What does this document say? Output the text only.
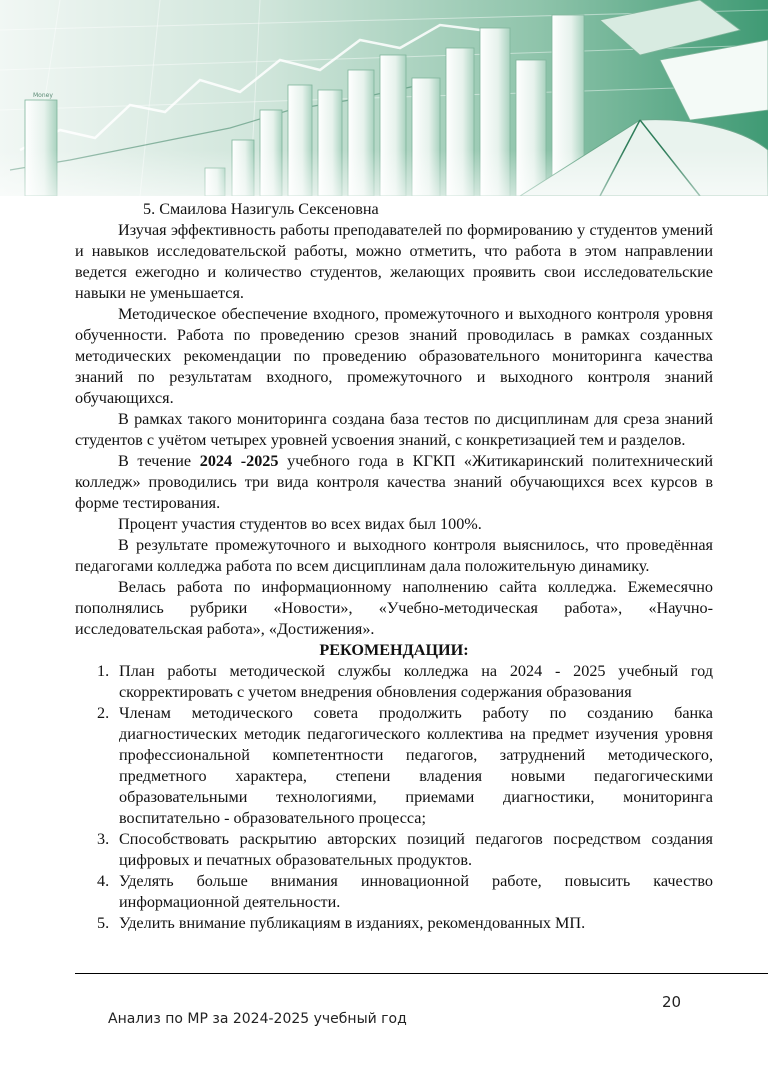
Money

5. Смаилова Назигуль Сексеновна

Изучая эффективность работы преподавателей по формированию у студентов умений и навыков исследовательской работы, можно отметить, что работа в этом направлении ведется ежегодно и количество студентов, желающих проявить свои исследовательские навыки не уменьшается.

Методическое обеспечение входного, промежуточного и выходного контроля уровня обученности. Работа по проведению срезов знаний проводилась в рамках созданных методических рекомендации по проведению образовательного мониторинга качества знаний по результатам входного, промежуточного и выходного контроля знаний обучающихся.

В рамках такого мониторинга создана база тестов по дисциплинам для среза знаний студентов с учётом четырех уровней усвоения знаний, с конкретизацией тем и разделов.

В течение 2024 -2025 учебного года в КГКП «Житикаринский политехнический колледж» проводились три вида контроля качества знаний обучающихся всех курсов в форме тестирования.

Процент участия студентов во всех видах был 100%.

В результате промежуточного и выходного контроля выяснилось, что проведённая педагогами колледжа работа по всем дисциплинам дала положительную динамику.

Велась работа по информационному наполнению сайта колледжа. Ежемесячно пополнялись рубрики «Новости», «Учебно-методическая работа», «Научно-исследовательская работа», «Достижения».

РЕКОМЕНДАЦИИ:

1. План работы методической службы колледжа на 2024 - 2025 учебный год скорректировать с учетом внедрения обновления содержания образования
2. Членам методического совета продолжить работу по созданию банка диагностических методик педагогического коллектива на предмет изучения уровня профессиональной компетентности педагогов, затруднений методического, предметного характера, степени владения новыми педагогическими образовательными технологиями, приемами диагностики, мониторинга воспитательно - образовательного процесса;
3. Способствовать раскрытию авторских позиций педагогов посредством создания цифровых и печатных образовательных продуктов.
4. Уделять больше внимания инновационной работе, повысить качество информационной деятельности.
5. Уделить внимание публикациям в изданиях, рекомендованных МП.
20
Анализ по МР за 2024-2025 учебный год
